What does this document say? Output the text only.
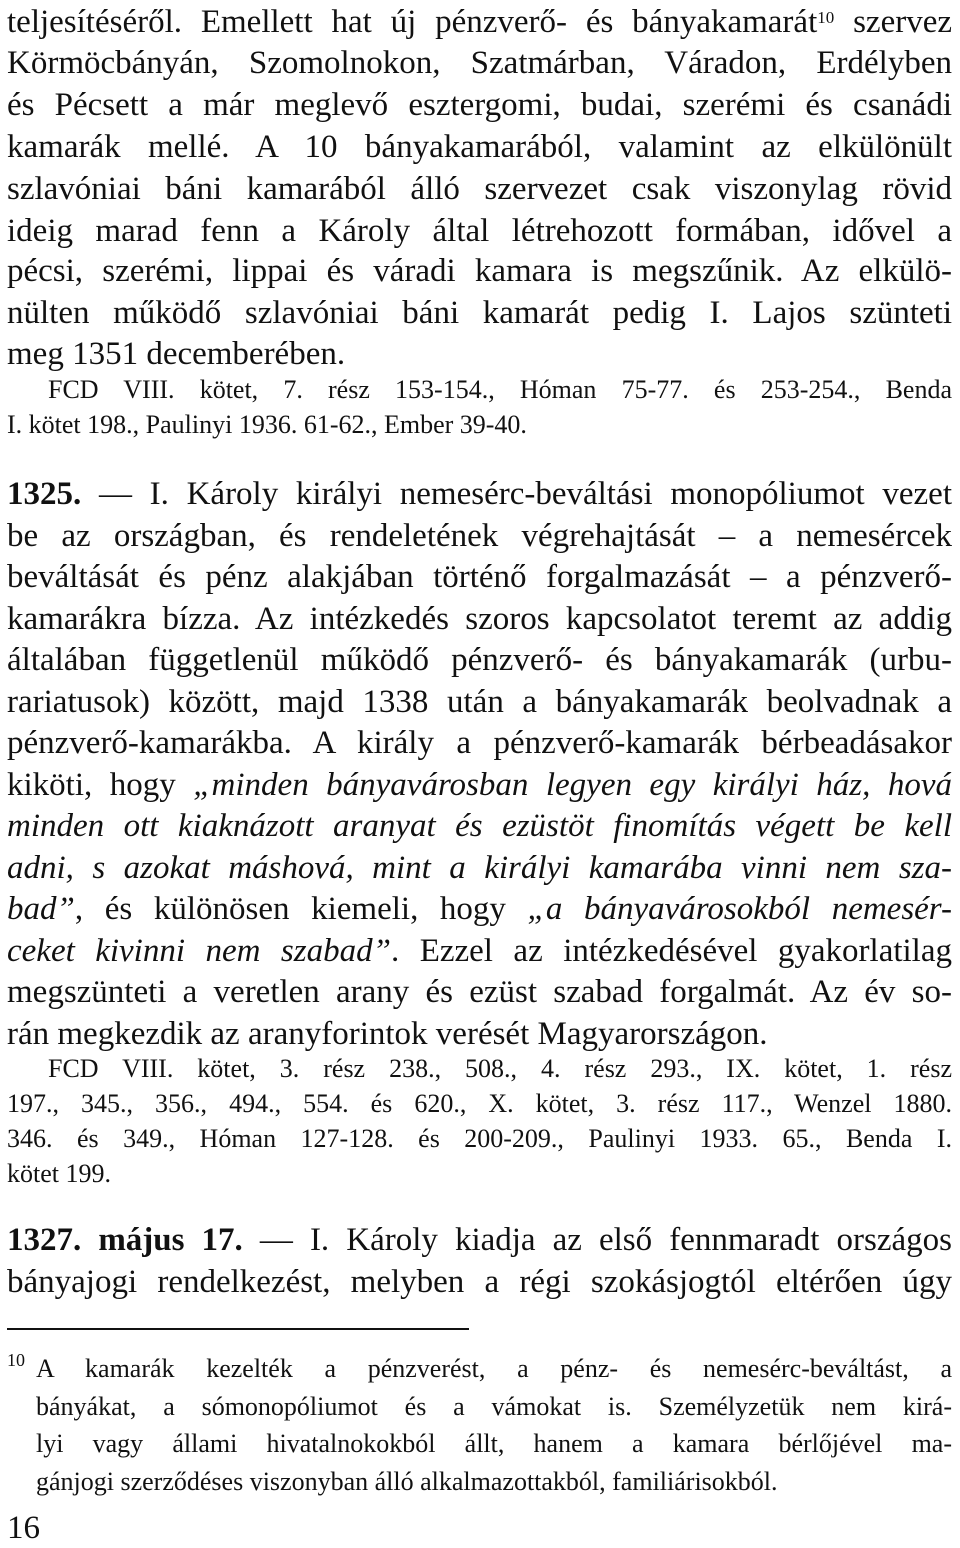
teljesítéséről. Emellett hat új pénzverő- és bányakamarát$^{10}$ szervez
Körmöcbányán, Szomolnokon, Szatmárban, Váradon, Erdélyben
és Pécsett a már meglevő esztergomi, budai, szerémi és csanádi
kamarák mellé. A 10 bányakamarából, valamint az elkülönült
szlavóniai báni kamarából álló szervezet csak viszonylag rövid
ideig marad fenn a Károly által létrehozott formában, idővel a
pécsi, szerémi, lippai és váradi kamara is megszűnik. Az elkülö-
nülten működő szlavóniai báni kamarát pedig I. Lajos szünteti
meg 1351 decemberében.
FCD VIII. kötet, 7. rész 153-154., Hóman 75-77. és 253-254., Benda
I. kötet 198., Paulinyi 1936. 61-62., Ember 39-40.
1325. — I. Károly királyi nemesérc-beváltási monopóliumot vezet
be az országban, és rendeletének végrehajtását – a nemesércek
beváltását és pénz alakjában történő forgalmazását – a pénzverő-
kamarákra bízza. Az intézkedés szoros kapcsolatot teremt az addig
általában függetlenül működő pénzverő- és bányakamarák (urbu-
rariatusok) között, majd 1338 után a bányakamarák beolvadnak a
pénzverő-kamarákba. A király a pénzverő-kamarák bérbeadásakor
kiköti, hogy „minden bányavárosban legyen egy királyi ház, hová
minden ott kiaknázott aranyat és ezüstöt finomítás végett be kell
adni, s azokat máshová, mint a királyi kamarába vinni nem sza-
bad”, és különösen kiemeli, hogy „a bányavárosokból nemesér-
ceket kivinni nem szabad”. Ezzel az intézkedésével gyakorlatilag
megszünteti a veretlen arany és ezüst szabad forgalmát. Az év so-
rán megkezdik az aranyforintok verését Magyarországon.
FCD VIII. kötet, 3. rész 238., 508., 4. rész 293., IX. kötet, 1. rész
197., 345., 356., 494., 554. és 620., X. kötet, 3. rész 117., Wenzel 1880.
346. és 349., Hóman 127-128. és 200-209., Paulinyi 1933. 65., Benda I.
kötet 199.
1327. május 17. — I. Károly kiadja az első fennmaradt országos
bányajogi rendelkezést, melyben a régi szokásjogtól eltérően úgy
10 A kamarák kezelték a pénzverést, a pénz- és nemesérc-beváltást, a
bányákat, a sómonopóliumot és a vámokat is. Személyzetük nem kirá-
lyi vagy állami hivatalnokokból állt, hanem a kamara bérlőjével ma-
gánjogi szerződéses viszonyban álló alkalmazottakból, familiárisokból.
16
